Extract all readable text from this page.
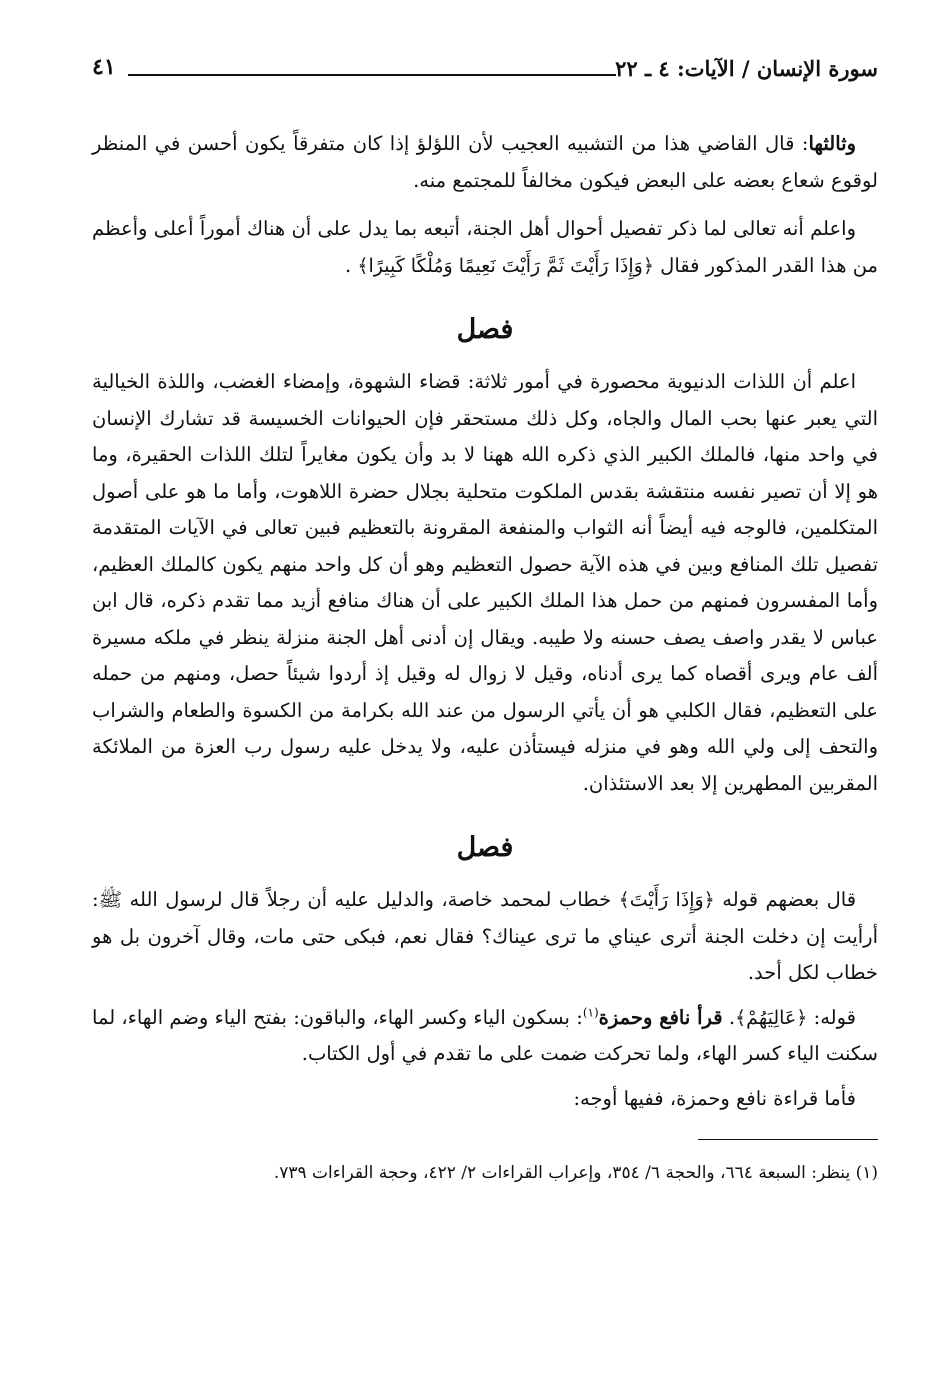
سورة الإنسان / الآيات: ٤ ـ ٢٢
٤١

وثالثها: قال القاضي هذا من التشبيه العجيب لأن اللؤلؤ إذا كان متفرقاً يكون أحسن في المنظر لوقوع شعاع بعضه على البعض فيكون مخالفاً للمجتمع منه.

واعلم أنه تعالى لما ذكر تفصيل أحوال أهل الجنة، أتبعه بما يدل على أن هناك أموراً أعلى وأعظم من هذا القدر المذكور فقال ﴿وَإِذَا رَأَيْتَ ثَمَّ رَأَيْتَ نَعِيمًا وَمُلْكًا كَبِيرًا﴾ .

فصل

اعلم أن اللذات الدنيوية محصورة في أمور ثلاثة: قضاء الشهوة، وإمضاء الغضب، واللذة الخيالية التي يعبر عنها بحب المال والجاه، وكل ذلك مستحقر فإن الحيوانات الخسيسة قد تشارك الإنسان في واحد منها، فالملك الكبير الذي ذكره الله ههنا لا بد وأن يكون مغايراً لتلك اللذات الحقيرة، وما هو إلا أن تصير نفسه منتقشة بقدس الملكوت متحلية بجلال حضرة اللاهوت، وأما ما هو على أصول المتكلمين، فالوجه فيه أيضاً أنه الثواب والمنفعة المقرونة بالتعظيم فبين تعالى في الآيات المتقدمة تفصيل تلك المنافع وبين في هذه الآية حصول التعظيم وهو أن كل واحد منهم يكون كالملك العظيم، وأما المفسرون فمنهم من حمل هذا الملك الكبير على أن هناك منافع أزيد مما تقدم ذكره، قال ابن عباس لا يقدر واصف يصف حسنه ولا طيبه. ويقال إن أدنى أهل الجنة منزلة ينظر في ملكه مسيرة ألف عام ويرى أقصاه كما يرى أدناه، وقيل لا زوال له وقيل إذ أردوا شيئاً حصل، ومنهم من حمله على التعظيم، فقال الكلبي هو أن يأتي الرسول من عند الله بكرامة من الكسوة والطعام والشراب والتحف إلى ولي الله وهو في منزله فيستأذن عليه، ولا يدخل عليه رسول رب العزة من الملائكة المقربين المطهرين إلا بعد الاستئذان.

فصل

قال بعضهم قوله ﴿وَإِذَا رَأَيْتَ﴾ خطاب لمحمد خاصة، والدليل عليه أن رجلاً قال لرسول الله ﷺ: أرأيت إن دخلت الجنة أترى عيناي ما ترى عيناك؟ فقال نعم، فبكى حتى مات، وقال آخرون بل هو خطاب لكل أحد.

قوله: ﴿عَالِيَهُمْ﴾. قرأ نافع وحمزة$^{(١)}$: بسكون الياء وكسر الهاء، والباقون: بفتح الياء وضم الهاء، لما سكنت الياء كسر الهاء، ولما تحركت ضمت على ما تقدم في أول الكتاب.

فأما قراءة نافع وحمزة، ففيها أوجه:

(١) ينظر: السبعة ٦٦٤، والحجة ٦/ ٣٥٤، وإعراب القراءات ٢/ ٤٢٢، وحجة القراءات ٧٣٩.
